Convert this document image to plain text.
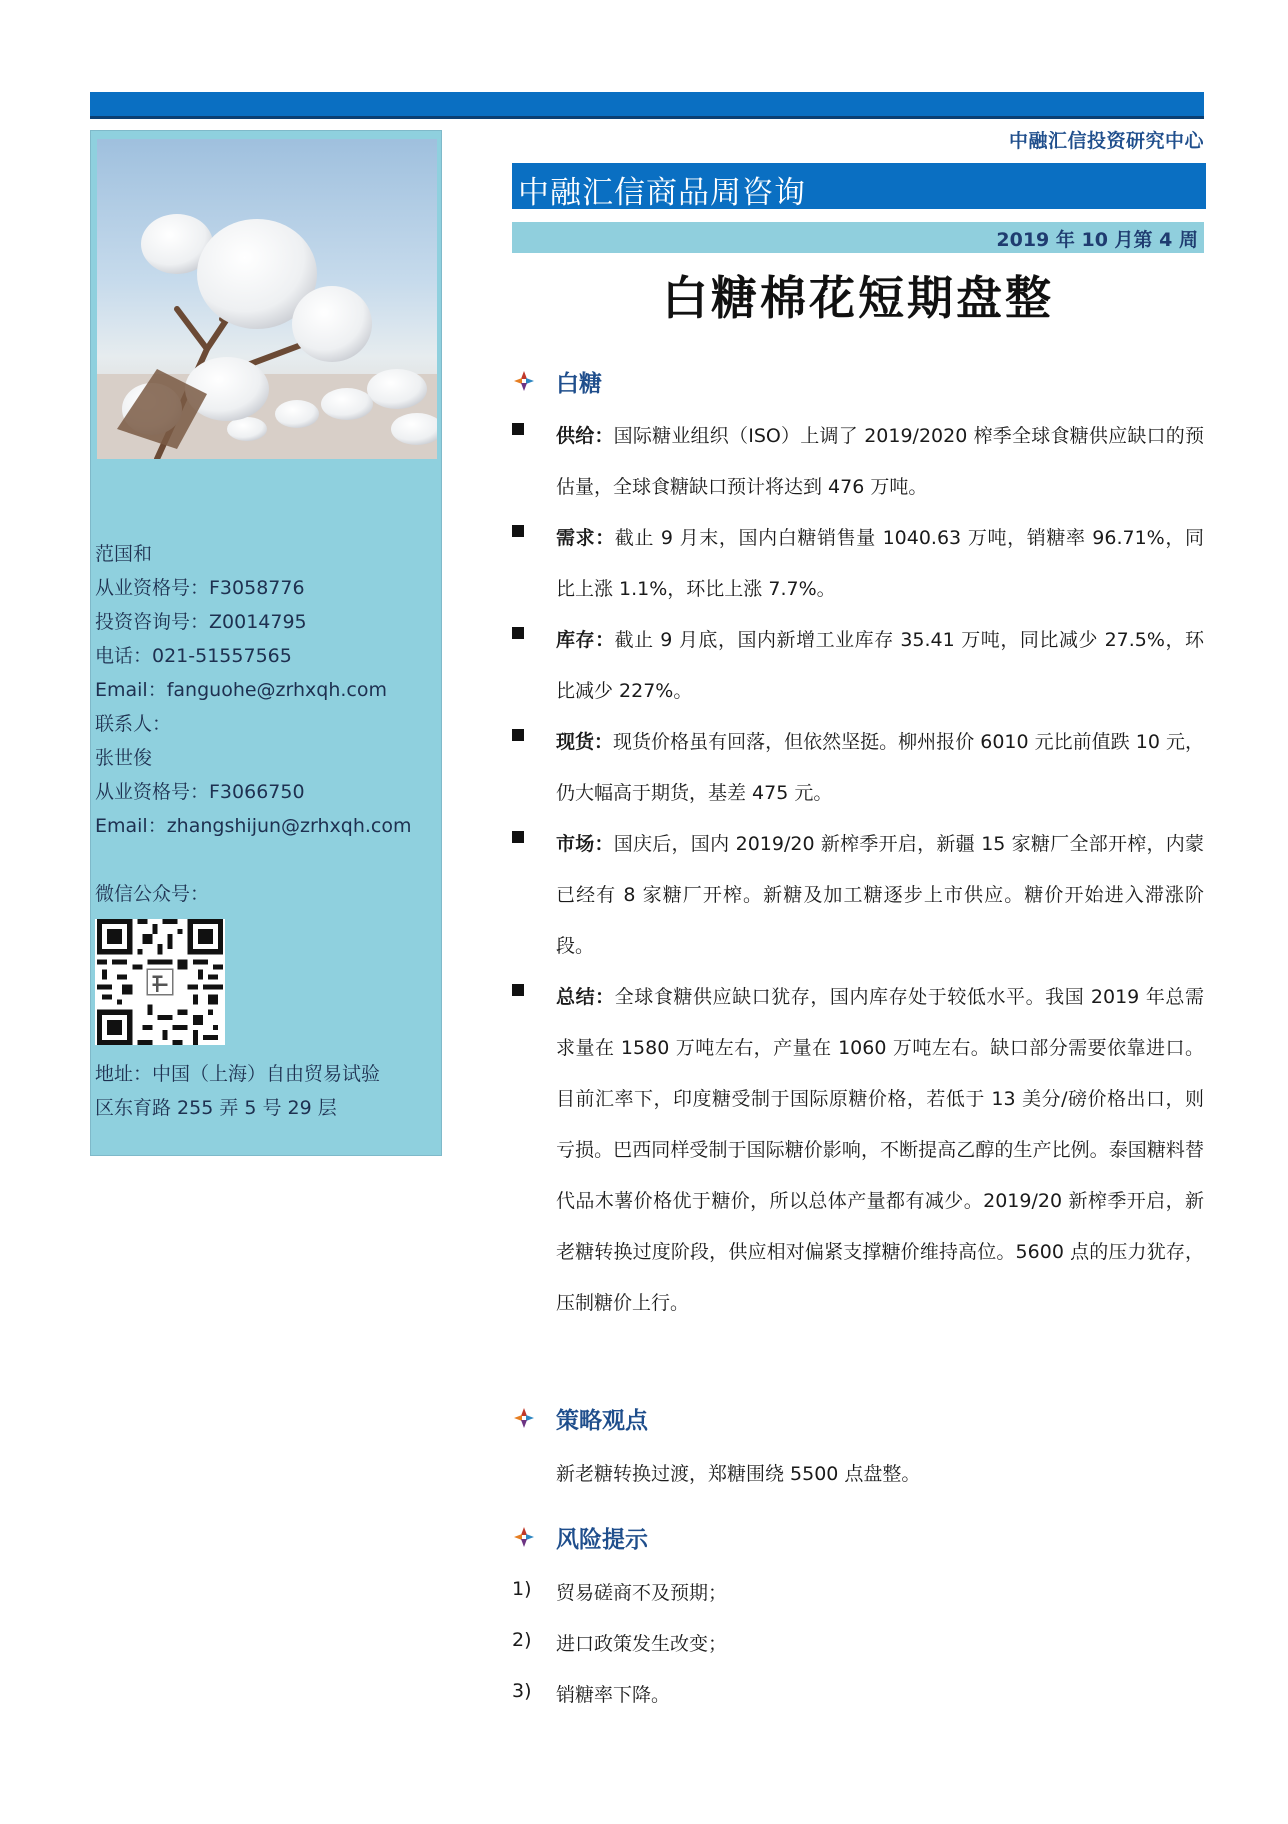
中融汇信投资研究中心
范国和
从业资格号：F3058776
投资咨询号：Z0014795
电话：021-51557565
Email：fanguohe@zrhxqh.com
联系人：
张世俊
从业资格号：F3066750
Email：zhangshijun@zrhxqh.com
微信公众号：
地址：中国（上海）自由贸易试验
区东育路 255 弄 5 号 29 层
中融汇信商品周咨询
2019 年 10 月第 4 周
白糖棉花短期盘整
白糖
供给：国际糖业组织（ISO）上调了 2019/2020 榨季全球食糖供应缺口的预估量，全球食糖缺口预计将达到 476 万吨。
需求：截止 9 月末，国内白糖销售量 1040.63 万吨，销糖率 96.71%，同比上涨 1.1%，环比上涨 7.7%。
库存：截止 9 月底，国内新增工业库存 35.41 万吨，同比减少 27.5%，环比减少 227%。
现货：现货价格虽有回落，但依然坚挺。柳州报价 6010 元比前值跌 10 元，仍大幅高于期货，基差 475 元。
市场：国庆后，国内 2019/20 新榨季开启，新疆 15 家糖厂全部开榨，内蒙已经有 8 家糖厂开榨。新糖及加工糖逐步上市供应。糖价开始进入滞涨阶段。
总结：全球食糖供应缺口犹存，国内库存处于较低水平。我国 2019 年总需求量在 1580 万吨左右，产量在 1060 万吨左右。缺口部分需要依靠进口。目前汇率下，印度糖受制于国际原糖价格，若低于 13 美分/磅价格出口，则亏损。巴西同样受制于国际糖价影响，不断提高乙醇的生产比例。泰国糖料替代品木薯价格优于糖价，所以总体产量都有减少。2019/20 新榨季开启，新老糖转换过度阶段，供应相对偏紧支撑糖价维持高位。5600 点的压力犹存，压制糖价上行。
策略观点
新老糖转换过渡，郑糖围绕 5500 点盘整。
风险提示
1) 贸易磋商不及预期；
2) 进口政策发生改变；
3) 销糖率下降。
